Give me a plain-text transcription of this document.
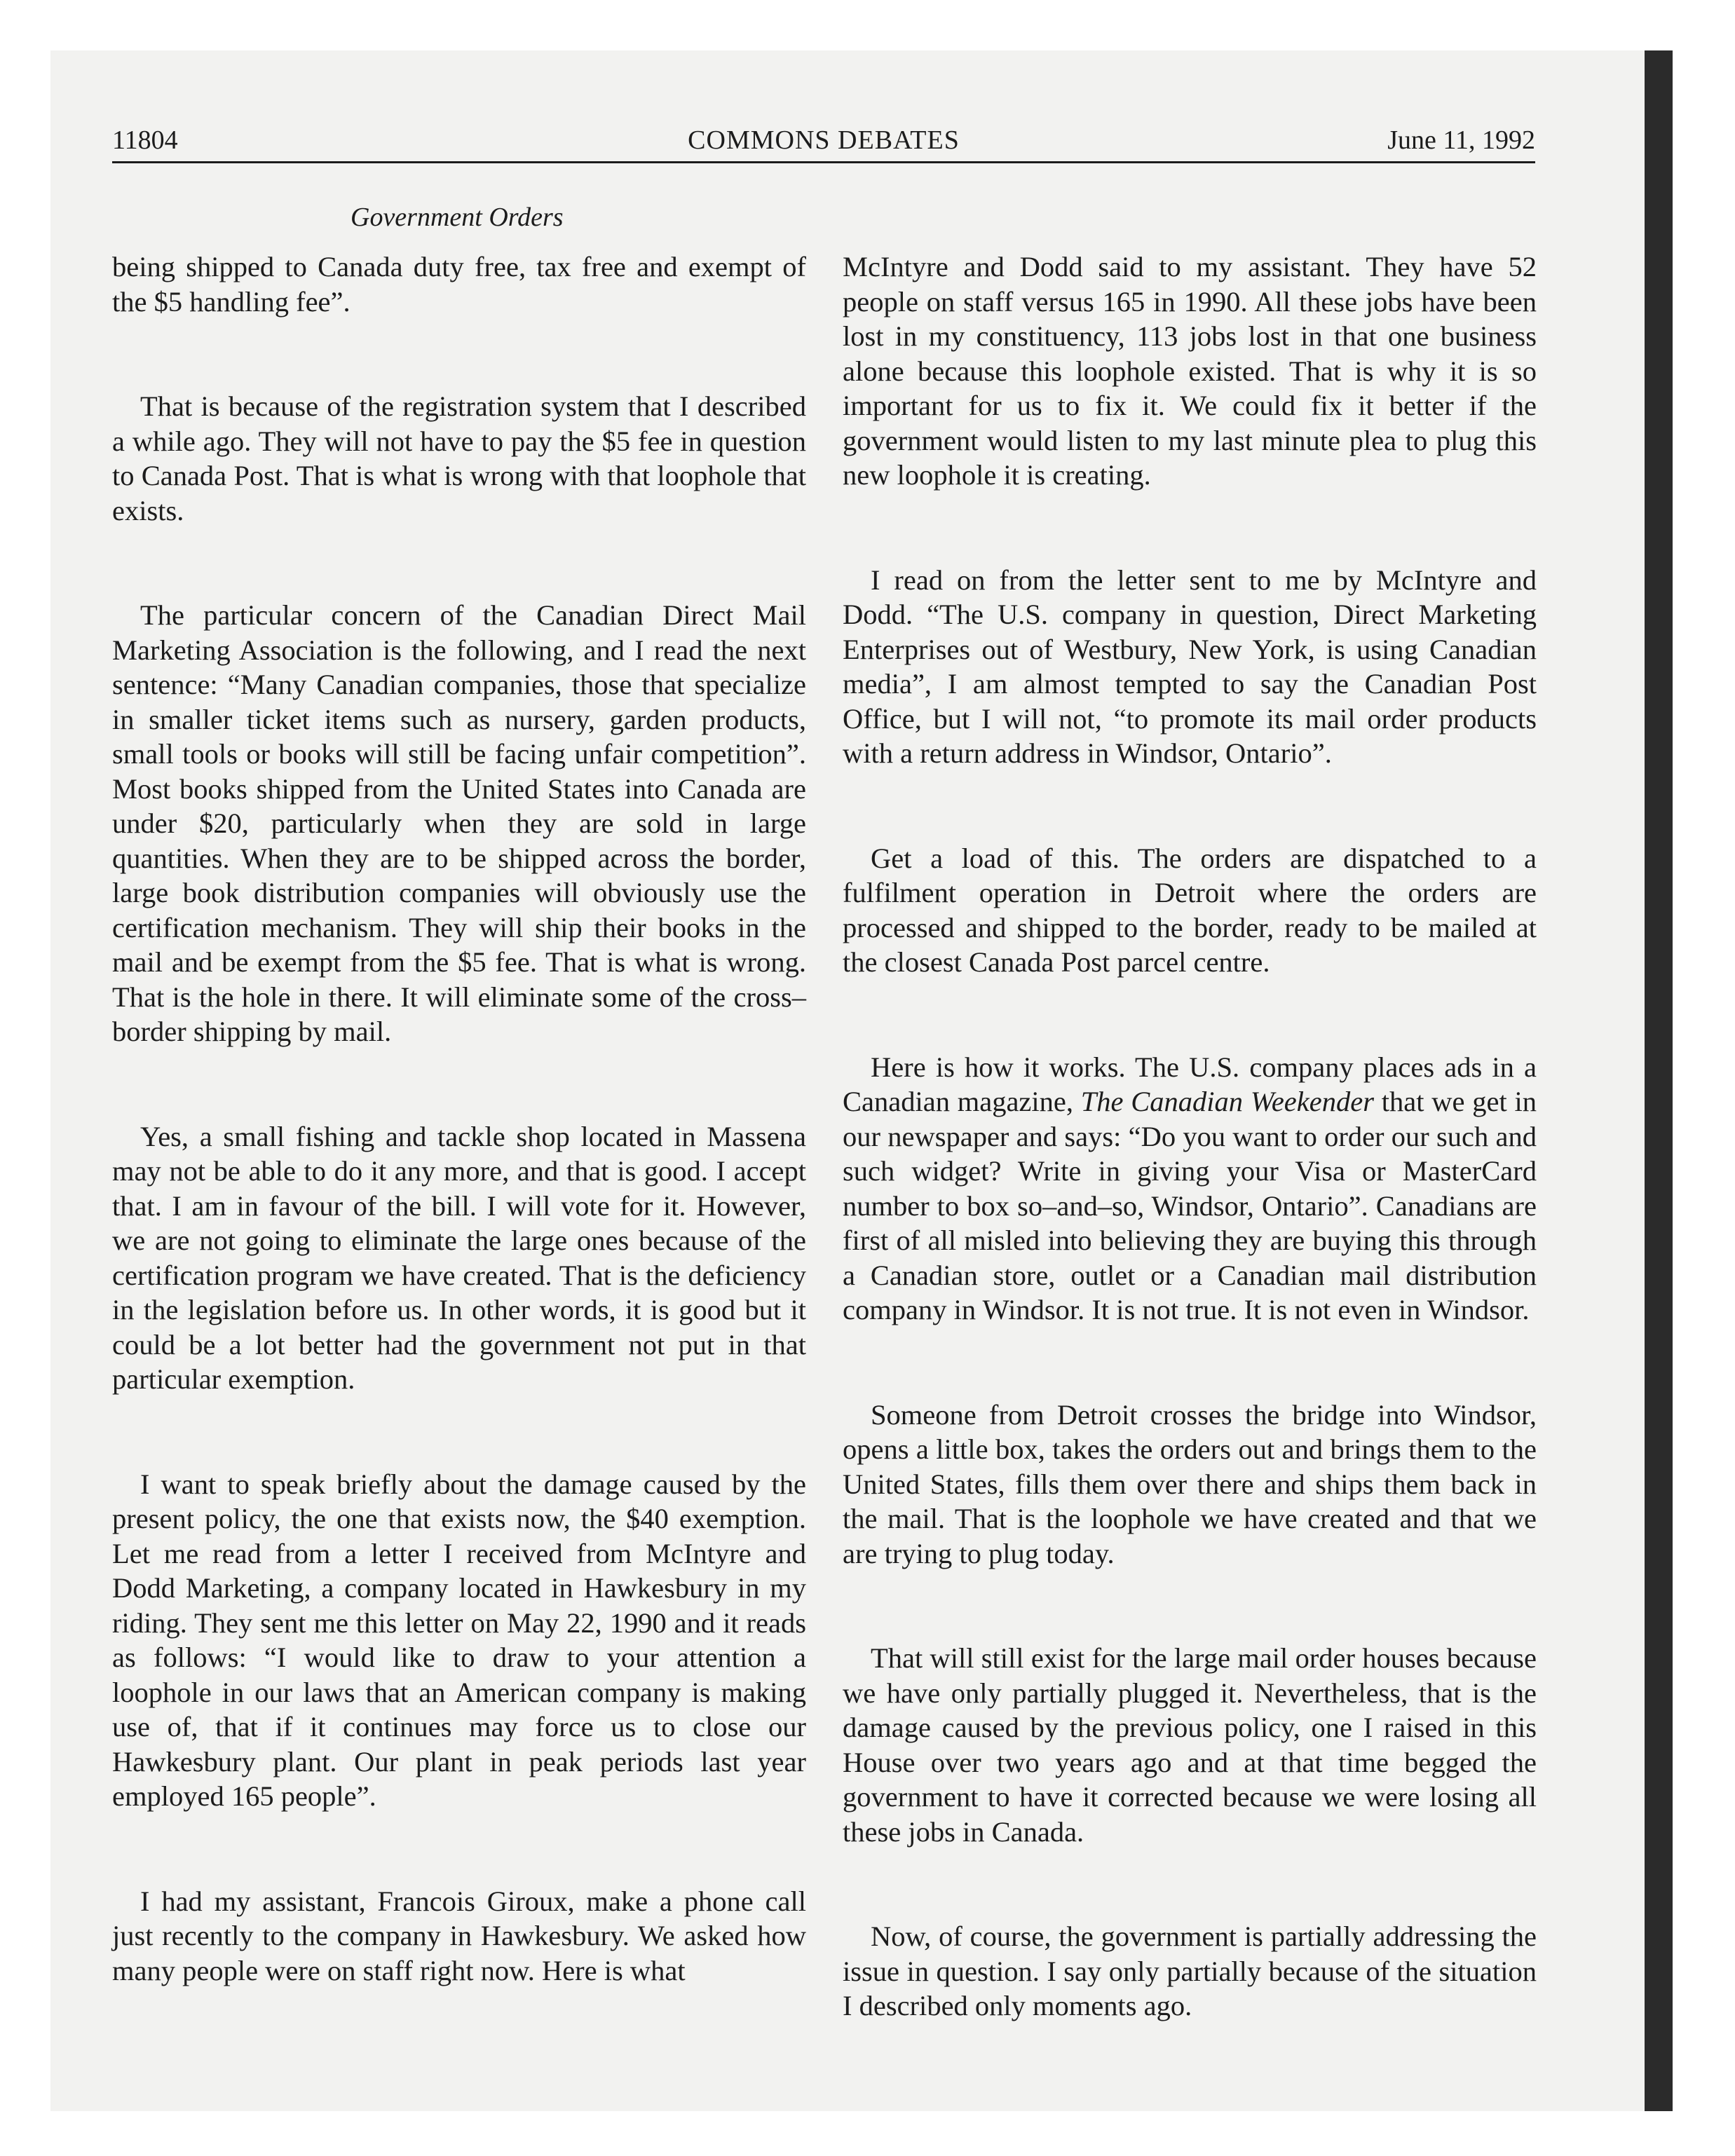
11804	COMMONS DEBATES	June 11, 1992
Government Orders

being shipped to Canada duty free, tax free and exempt of the $5 handling fee”.

That is because of the registration system that I described a while ago. They will not have to pay the $5 fee in question to Canada Post. That is what is wrong with that loophole that exists.

The particular concern of the Canadian Direct Mail Marketing Association is the following, and I read the next sentence: “Many Canadian companies, those that specialize in smaller ticket items such as nursery, garden products, small tools or books will still be facing unfair competition”. Most books shipped from the United States into Canada are under $20, particularly when they are sold in large quantities. When they are to be shipped across the border, large book distribution companies will obviously use the certification mechanism. They will ship their books in the mail and be exempt from the $5 fee. That is what is wrong. That is the hole in there. It will eliminate some of the cross–border shipping by mail.

Yes, a small fishing and tackle shop located in Massena may not be able to do it any more, and that is good. I accept that. I am in favour of the bill. I will vote for it. However, we are not going to eliminate the large ones because of the certification program we have created. That is the deficiency in the legislation before us. In other words, it is good but it could be a lot better had the government not put in that particular exemption.

I want to speak briefly about the damage caused by the present policy, the one that exists now, the $40 exemption. Let me read from a letter I received from McIntyre and Dodd Marketing, a company located in Hawkesbury in my riding. They sent me this letter on May 22, 1990 and it reads as follows: “I would like to draw to your attention a loophole in our laws that an American company is making use of, that if it continues may force us to close our Hawkesbury plant. Our plant in peak periods last year employed 165 people”.

I had my assistant, Francois Giroux, make a phone call just recently to the company in Hawkesbury. We asked how many people were on staff right now. Here is what

McIntyre and Dodd said to my assistant. They have 52 people on staff versus 165 in 1990. All these jobs have been lost in my constituency, 113 jobs lost in that one business alone because this loophole existed. That is why it is so important for us to fix it. We could fix it better if the government would listen to my last minute plea to plug this new loophole it is creating.

I read on from the letter sent to me by McIntyre and Dodd. “The U.S. company in question, Direct Marketing Enterprises out of Westbury, New York, is using Canadian media”, I am almost tempted to say the Canadian Post Office, but I will not, “to promote its mail order products with a return address in Windsor, Ontario”.

Get a load of this. The orders are dispatched to a fulfilment operation in Detroit where the orders are processed and shipped to the border, ready to be mailed at the closest Canada Post parcel centre.

Here is how it works. The U.S. company places ads in a Canadian magazine, The Canadian Weekender that we get in our newspaper and says: “Do you want to order our such and such widget? Write in giving your Visa or MasterCard number to box so–and–so, Windsor, Ontario”. Canadians are first of all misled into believing they are buying this through a Canadian store, outlet or a Canadian mail distribution company in Windsor. It is not true. It is not even in Windsor.

Someone from Detroit crosses the bridge into Windsor, opens a little box, takes the orders out and brings them to the United States, fills them over there and ships them back in the mail. That is the loophole we have created and that we are trying to plug today.

That will still exist for the large mail order houses because we have only partially plugged it. Nevertheless, that is the damage caused by the previous policy, one I raised in this House over two years ago and at that time begged the government to have it corrected because we were losing all these jobs in Canada.

Now, of course, the government is partially addressing the issue in question. I say only partially because of the situation I described only moments ago.
